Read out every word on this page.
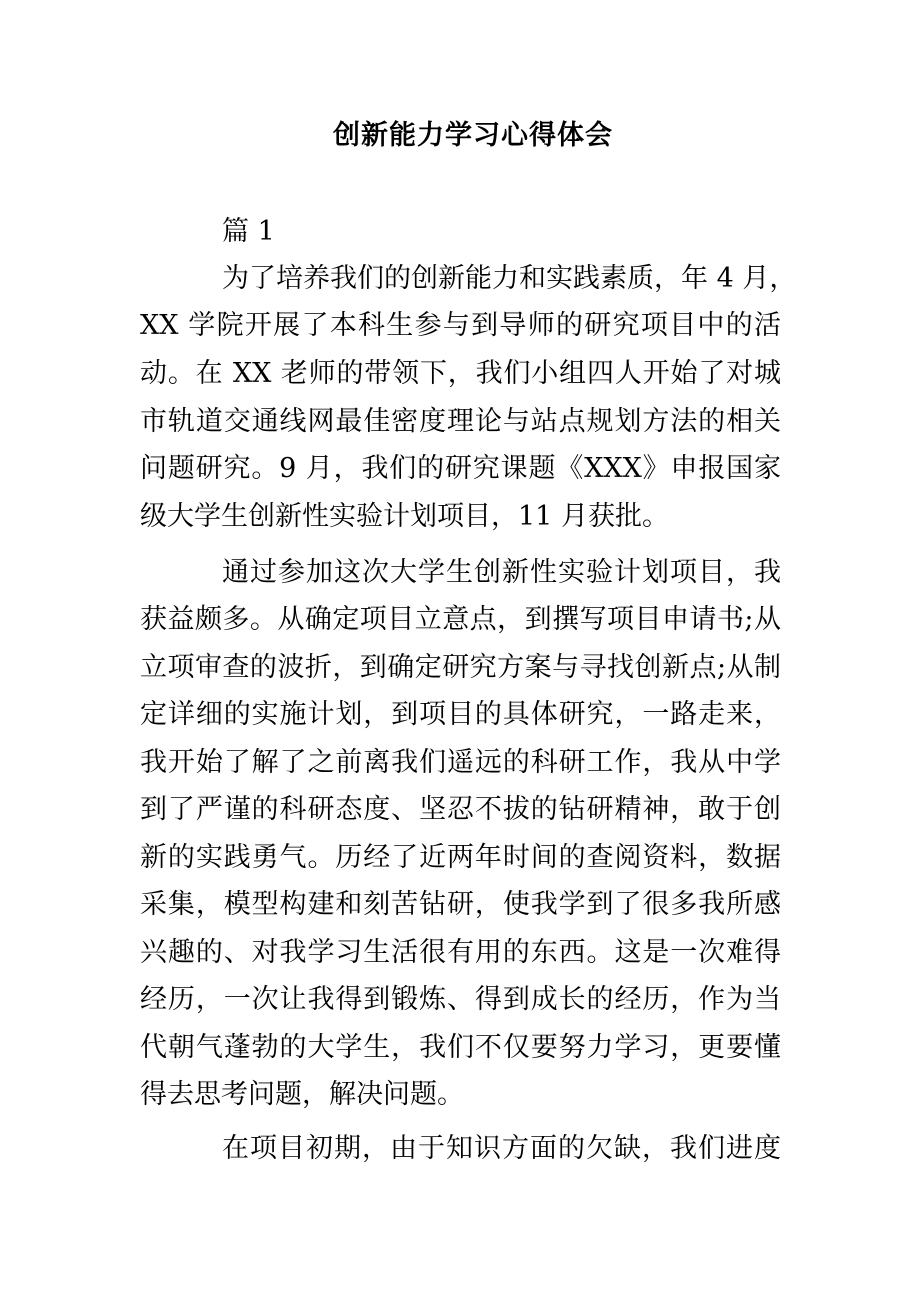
创新能力学习心得体会

篇 1

为了培养我们的创新能力和实践素质，年 4 月，

XX 学院开展了本科生参与到导师的研究项目中的活

动。在 XX 老师的带领下，我们小组四人开始了对城

市轨道交通线网最佳密度理论与站点规划方法的相关

问题研究。9 月，我们的研究课题《XXX》申报国家

级大学生创新性实验计划项目，11 月获批。

通过参加这次大学生创新性实验计划项目，我

获益颇多。从确定项目立意点，到撰写项目申请书;从

立项审查的波折，到确定研究方案与寻找创新点;从制

定详细的实施计划，到项目的具体研究，一路走来，

我开始了解了之前离我们遥远的科研工作，我从中学

到了严谨的科研态度、坚忍不拔的钻研精神，敢于创

新的实践勇气。历经了近两年时间的查阅资料，数据

采集，模型构建和刻苦钻研，使我学到了很多我所感

兴趣的、对我学习生活很有用的东西。这是一次难得

经历，一次让我得到锻炼、得到成长的经历，作为当

代朝气蓬勃的大学生，我们不仅要努力学习，更要懂

得去思考问题，解决问题。

在项目初期，由于知识方面的欠缺，我们进度
